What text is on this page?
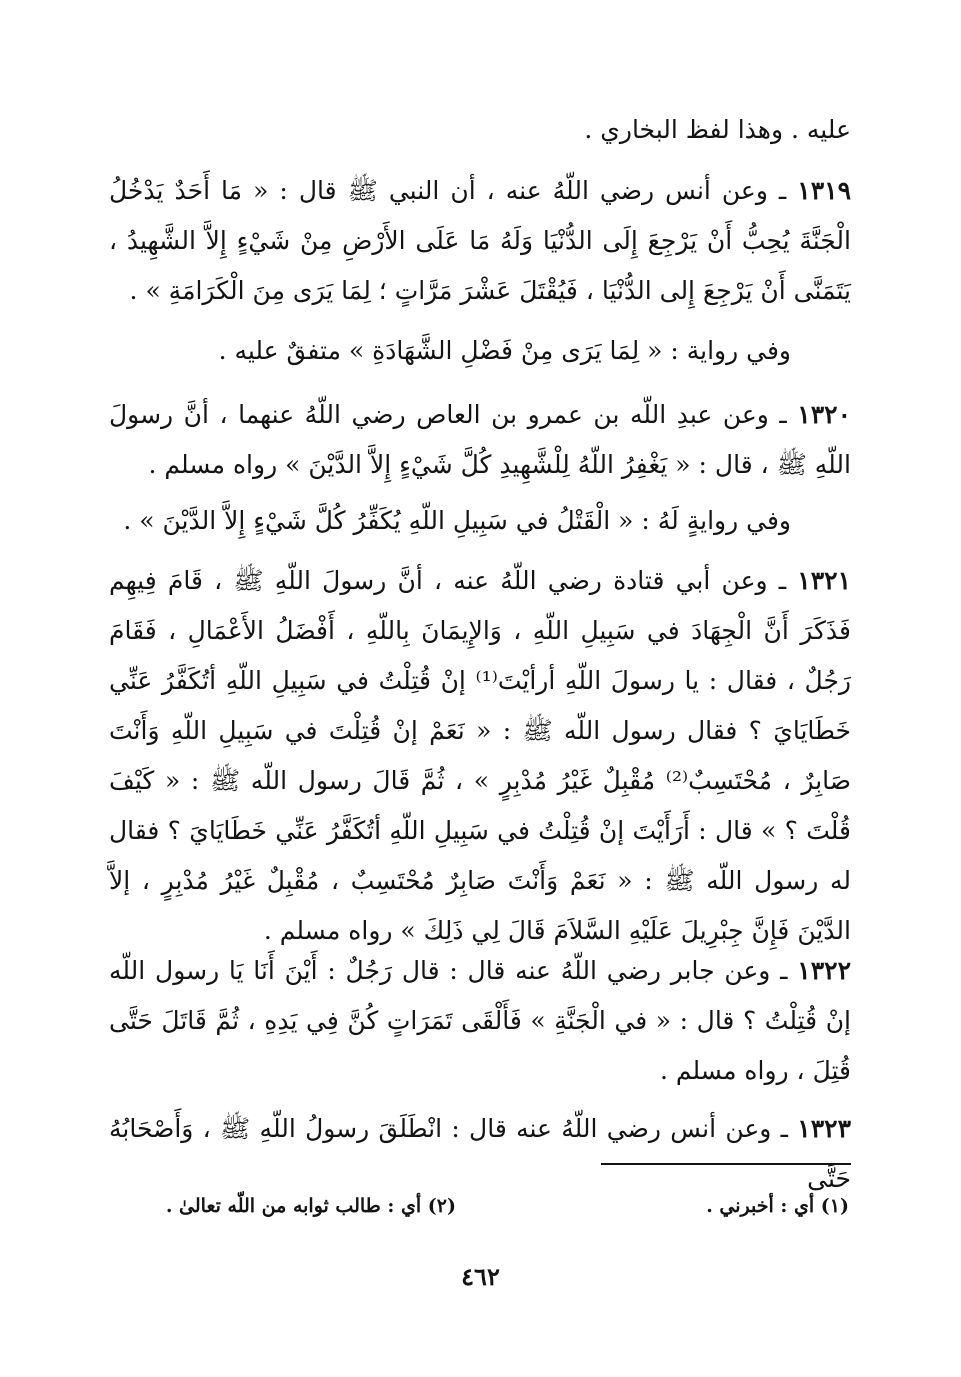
عليه . وهذا لفظ البخاري .

١٣١٩ ـ وعن أنس رضي اللّهُ عنه ، أن النبي ﷺ قال : « مَا أَحَدٌ يَدْخُلُ الْجَنَّةَ يُحِبُّ أَنْ يَرْجِعَ إِلَى الدُّنْيَا وَلَهُ مَا عَلَى الأَرْضِ مِنْ شَيْءٍ إِلاَّ الشَّهِيدُ ، يَتَمَنَّى أَنْ يَرْجِعَ إِلى الدُّنْيَا ، فَيُقْتَلَ عَشْرَ مَرَّاتٍ ؛ لِمَا يَرَى مِنَ الْكَرَامَةِ » .

وفي رواية : « لِمَا يَرَى مِنْ فَضْلِ الشَّهَادَةِ » متفقٌ عليه .

١٣٢٠ ـ وعن عبدِ اللّه بن عمرو بن العاص رضي اللّهُ عنهما ، أنَّ رسولَ اللّهِ ﷺ ، قال : « يَغْفِرُ اللّهُ لِلْشَّهِيدِ كُلَّ شَيْءٍ إِلاَّ الدَّيْنَ » رواه مسلم .

وفي روايةٍ لَهُ : « الْقَتْلُ في سَبِيلِ اللّهِ يُكَفِّرُ كُلَّ شَيْءٍ إِلاَّ الدَّيْنَ » .

١٣٢١ ـ وعن أبي قتادة رضي اللّهُ عنه ، أنَّ رسولَ اللّهِ ﷺ ، قَامَ فِيهِم فَذَكَرَ أَنَّ الْجِهَادَ في سَبِيلِ اللّهِ ، وَالإِيمَانَ بِاللّهِ ، أَفْضَلُ الأَعْمَالِ ، فَقَامَ رَجُلٌ ، فقال : يا رسولَ اللّهِ أرأيْتَ⁽¹⁾ إنْ قُتِلْتُ في سَبِيلِ اللّهِ أتُكَفَّرُ عَنِّي خَطَايَايَ ؟ فقال رسول اللّه ﷺ : « نَعَمْ إنْ قُتِلْتَ في سَبِيلِ اللّهِ وَأَنْتَ صَابِرٌ ، مُحْتَسِبٌ⁽²⁾ مُقْبِلٌ غَيْرُ مُدْبِرٍ » ، ثُمَّ قَالَ رسول اللّه ﷺ : « كَيْفَ قُلْتَ ؟ » قال : أَرَأَيْتَ إنْ قُتِلْتُ في سَبِيلِ اللّهِ أتُكَفَّرُ عَنِّي خَطَايَايَ ؟ فقال له رسول اللّه ﷺ : « نَعَمْ وَأَنْتَ صَابِرٌ مُحْتَسِبٌ ، مُقْبِلٌ غَيْرُ مُدْبِرٍ ، إلاَّ الدَّيْنَ فَإِنَّ جِبْرِيلَ عَلَيْهِ السَّلاَمَ قَالَ لِي ذَلِكَ » رواه مسلم .

١٣٢٢ ـ وعن جابر رضي اللّهُ عنه قال : قال رَجُلٌ : أَيْنَ أَنَا يَا رسول اللّه إنْ قُتِلْتُ ؟ قال : « في الْجَنَّةِ » فَأَلْقَى تَمَرَاتٍ كُنَّ فِي يَدِهِ ، ثُمَّ قَاتَلَ حَتَّى قُتِلَ ، رواه مسلم .

١٣٢٣ ـ وعن أنس رضي اللّهُ عنه قال : انْطَلَقَ رسولُ اللّهِ ﷺ ، وَأَصْحَابُهُ حَتَّى

(١) أي : أخبرني .
(٢) أي : طالب ثوابه من اللّه تعالىٰ .
٤٦٢
